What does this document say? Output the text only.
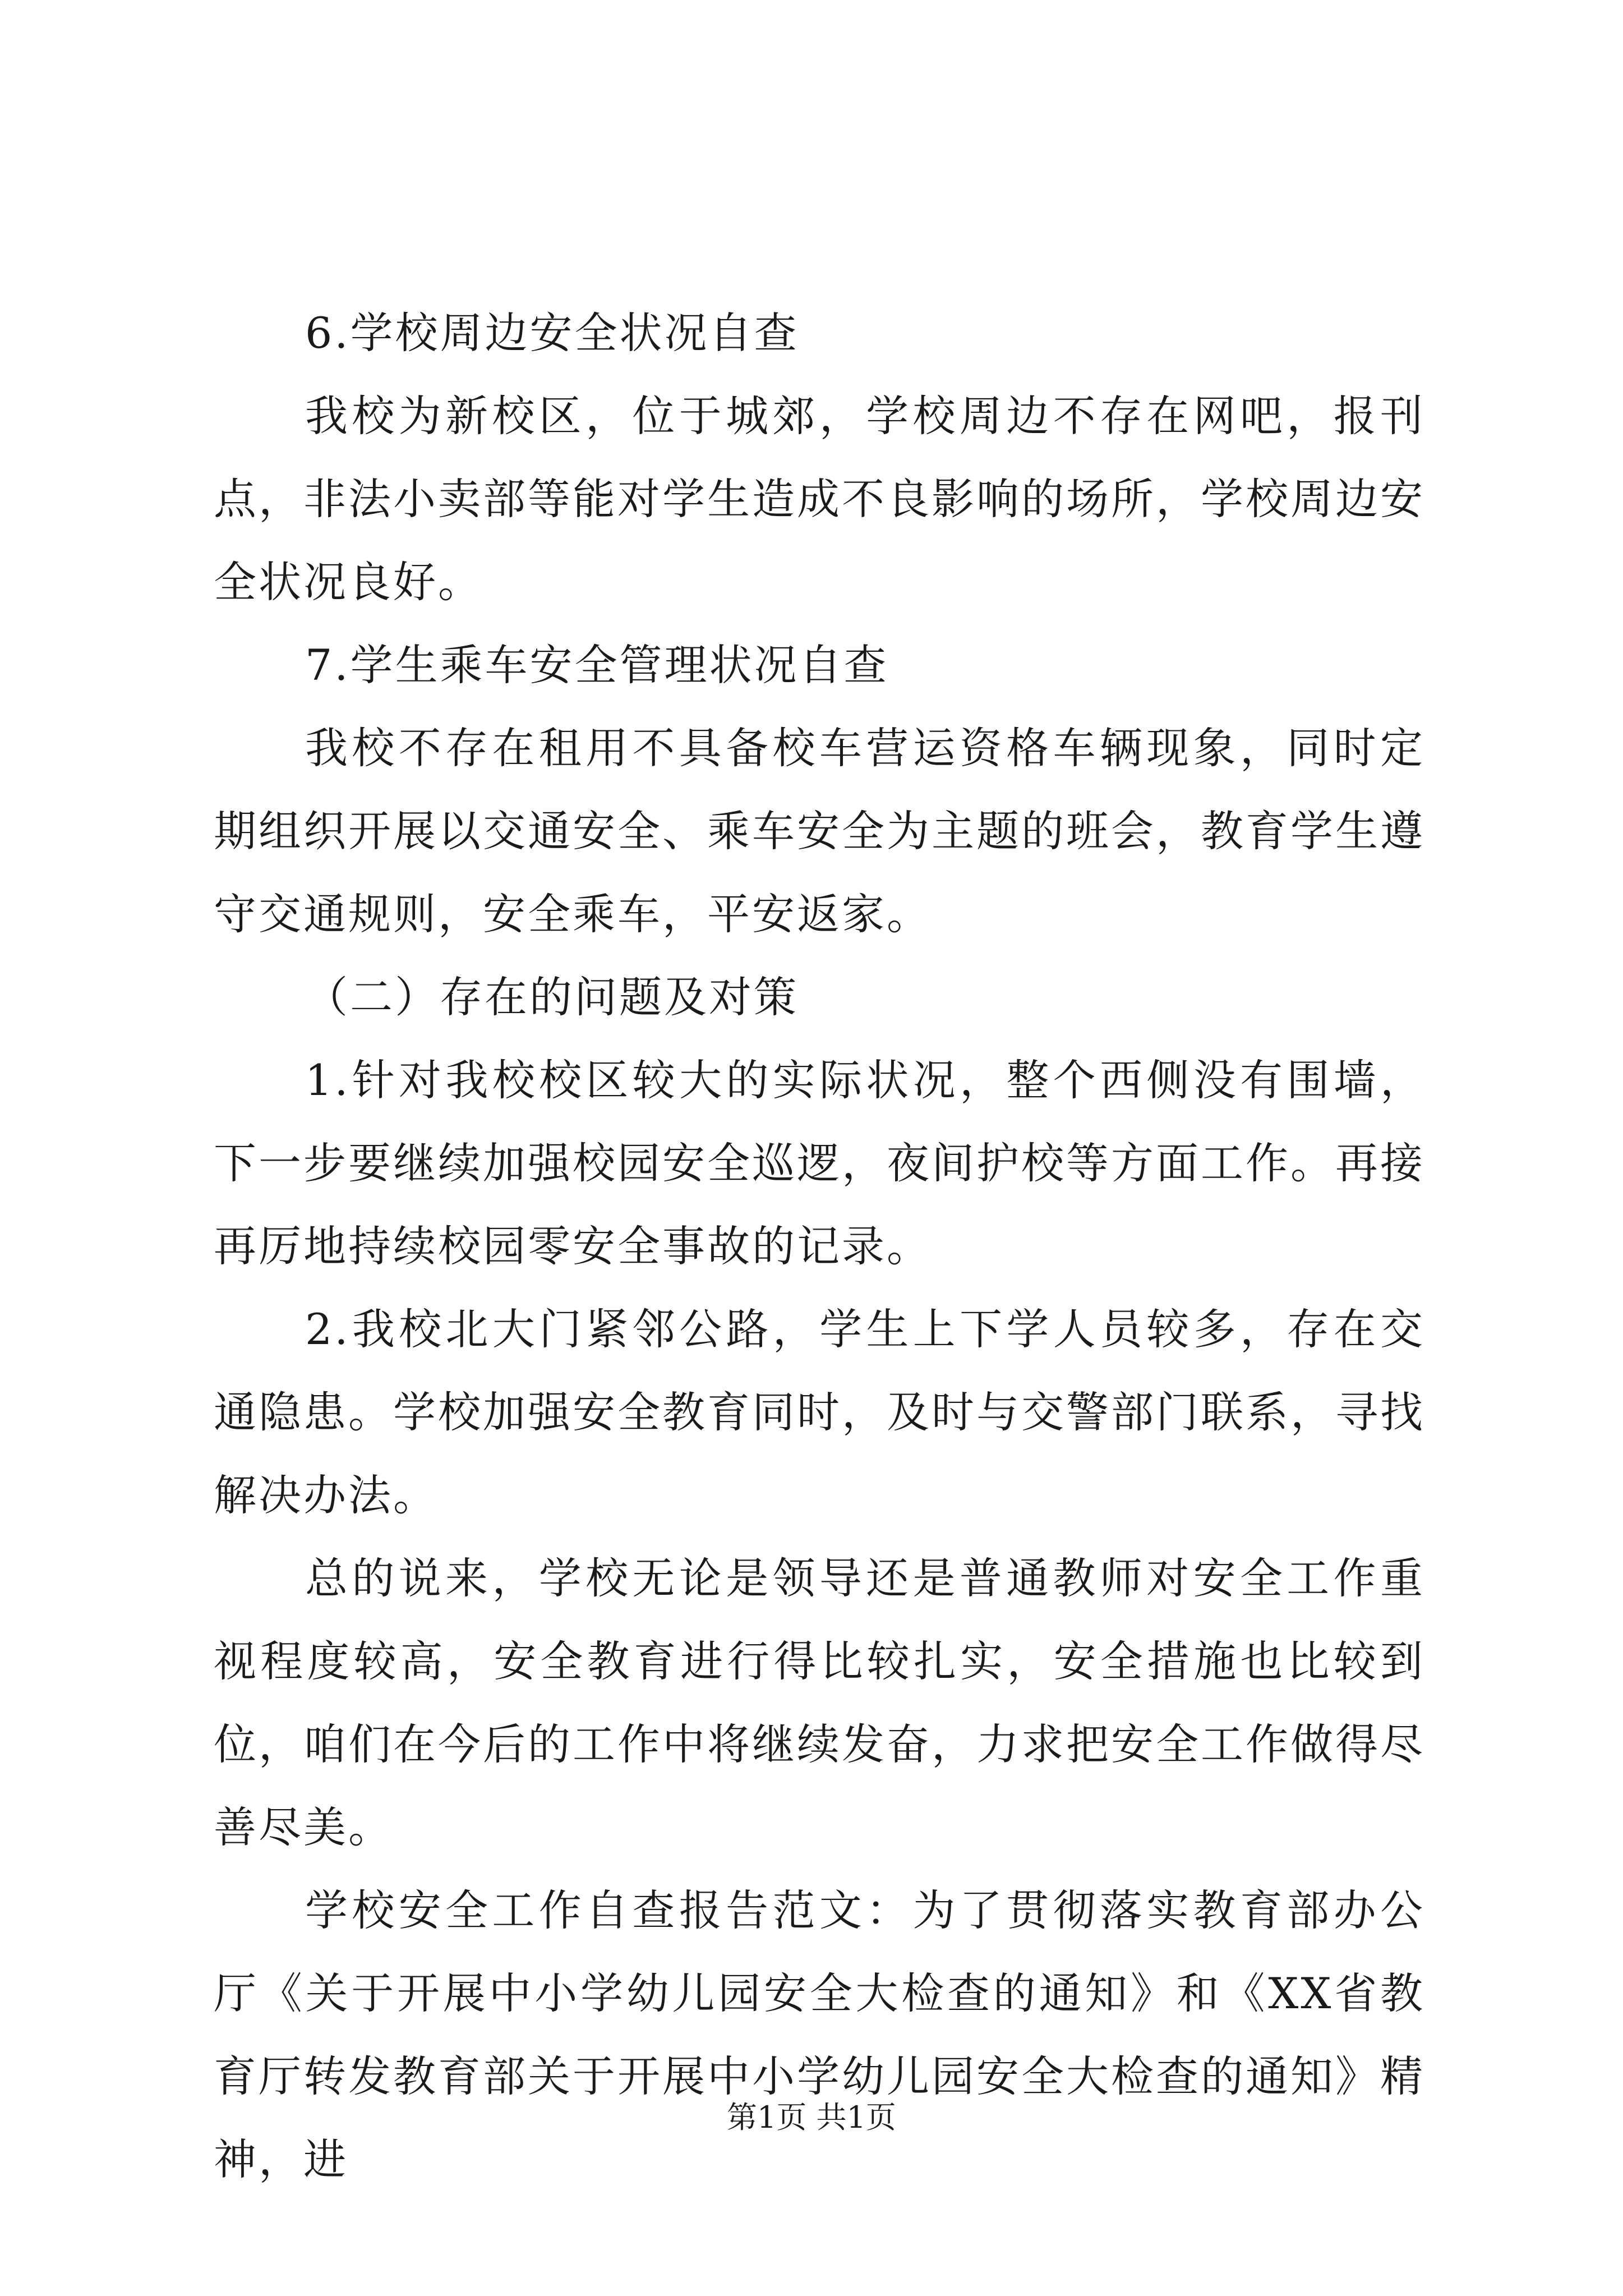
6.学校周边安全状况自查

我校为新校区，位于城郊，学校周边不存在网吧，报刊点，非法小卖部等能对学生造成不良影响的场所，学校周边安全状况良好。

7.学生乘车安全管理状况自查

我校不存在租用不具备校车营运资格车辆现象，同时定期组织开展以交通安全、乘车安全为主题的班会，教育学生遵守交通规则，安全乘车，平安返家。

（二）存在的问题及对策

1.针对我校校区较大的实际状况，整个西侧没有围墙，下一步要继续加强校园安全巡逻，夜间护校等方面工作。再接再厉地持续校园零安全事故的记录。

2.我校北大门紧邻公路，学生上下学人员较多，存在交通隐患。学校加强安全教育同时，及时与交警部门联系，寻找解决办法。

总的说来，学校无论是领导还是普通教师对安全工作重视程度较高，安全教育进行得比较扎实，安全措施也比较到位，咱们在今后的工作中将继续发奋，力求把安全工作做得尽善尽美。

学校安全工作自查报告范文：为了贯彻落实教育部办公厅《关于开展中小学幼儿园安全大检查的通知》和《XX省教育厅转发教育部关于开展中小学幼儿园安全大检查的通知》精神，进

第1页 共1页
